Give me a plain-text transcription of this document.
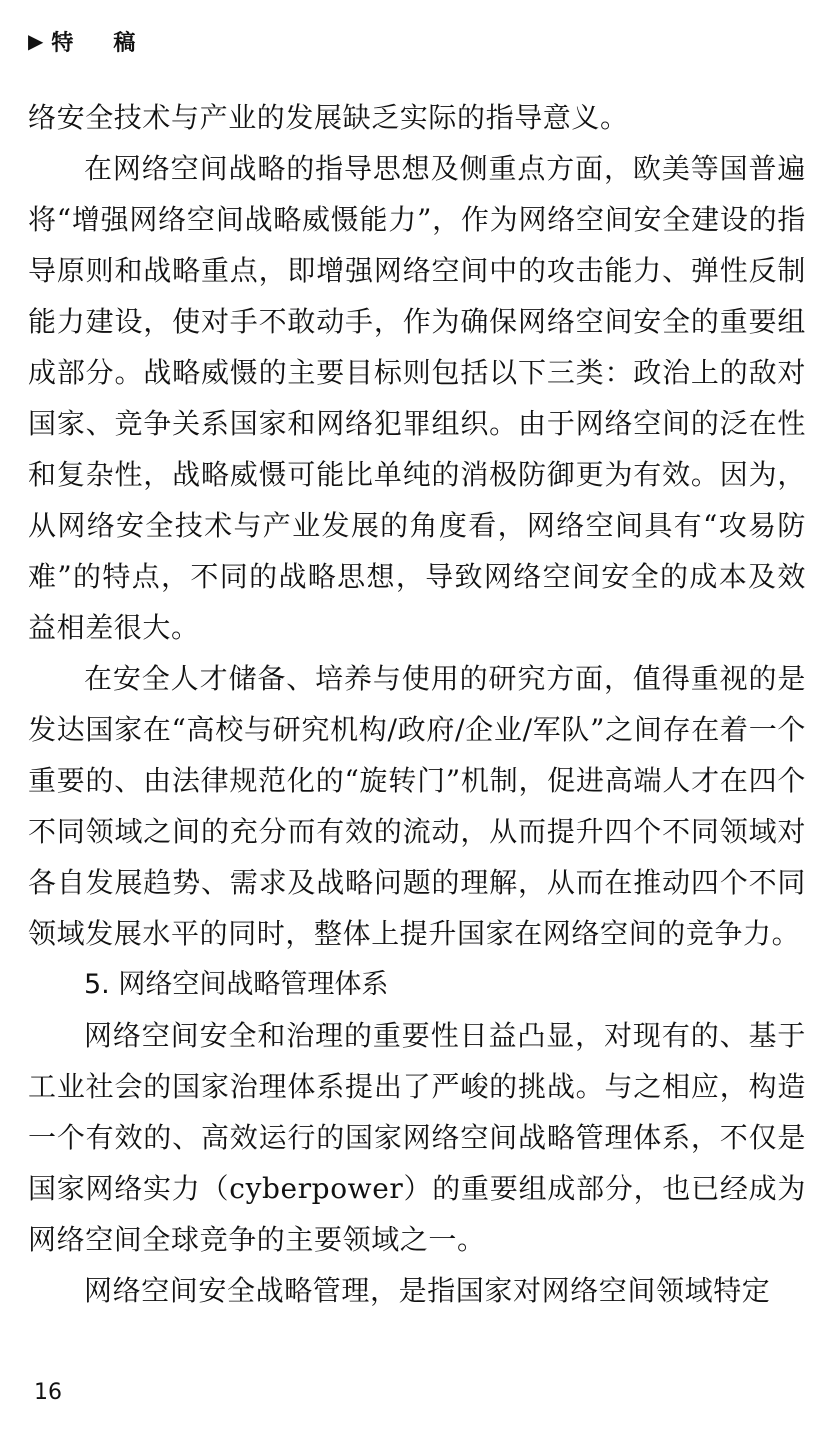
▶ 特稿

络安全技术与产业的发展缺乏实际的指导意义。

在网络空间战略的指导思想及侧重点方面，欧美等国普遍将“增强网络空间战略威慑能力”，作为网络空间安全建设的指导原则和战略重点，即增强网络空间中的攻击能力、弹性反制能力建设，使对手不敢动手，作为确保网络空间安全的重要组成部分。战略威慑的主要目标则包括以下三类：政治上的敌对国家、竞争关系国家和网络犯罪组织。由于网络空间的泛在性和复杂性，战略威慑可能比单纯的消极防御更为有效。因为，从网络安全技术与产业发展的角度看，网络空间具有“攻易防难”的特点，不同的战略思想，导致网络空间安全的成本及效益相差很大。

在安全人才储备、培养与使用的研究方面，值得重视的是发达国家在“高校与研究机构/政府/企业/军队”之间存在着一个重要的、由法律规范化的“旋转门”机制，促进高端人才在四个不同领域之间的充分而有效的流动，从而提升四个不同领域对各自发展趋势、需求及战略问题的理解，从而在推动四个不同领域发展水平的同时，整体上提升国家在网络空间的竞争力。

5. 网络空间战略管理体系

网络空间安全和治理的重要性日益凸显，对现有的、基于工业社会的国家治理体系提出了严峻的挑战。与之相应，构造一个有效的、高效运行的国家网络空间战略管理体系，不仅是国家网络实力（cyberpower）的重要组成部分，也已经成为网络空间全球竞争的主要领域之一。

网络空间安全战略管理，是指国家对网络空间领域特定

16
